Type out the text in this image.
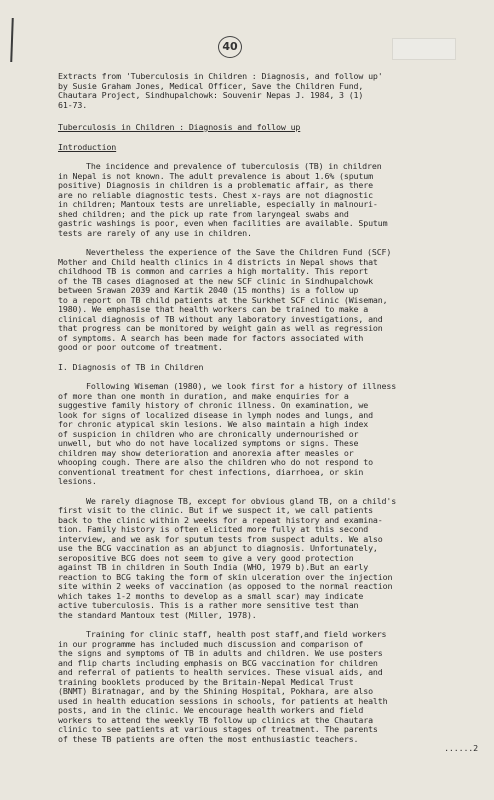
40

Extracts from 'Tuberculosis in Children : Diagnosis, and follow up'

by Susie Graham Jones, Medical Officer, Save the Children Fund,

Chautara Project, Sindhupalchowk: Souvenir Nepas J. 1984, 3 (1)

61-73.

Tuberculosis in Children : Diagnosis and follow up

Introduction

The incidence and prevalence of tuberculosis (TB) in children
in Nepal is not known. The adult prevalence is about 1.6% (sputum
positive) Diagnosis in children is a problematic affair, as there
are no reliable diagnostic tests. Chest x-rays are not diagnostic
in children; Mantoux tests are unreliable, especially in malnouri-
shed children; and the pick up rate from laryngeal swabs and
gastric washings is poor, even when facilities are available. Sputum
tests are rarely of any use in children.

Nevertheless the experience of the Save the Children Fund (SCF)
Mother and Child health clinics in 4 districts in Nepal shows that
childhood TB is common and carries a high mortality. This report
of the TB cases diagnosed at the new SCF clinic in Sindhupalchowk
between Srawan 2039 and Kartik 2040 (15 months) is a follow up
to a report on TB child patients at the Surkhet SCF clinic (Wiseman,
1980). We emphasise that health workers can be trained to make a
clinical diagnosis of TB without any laboratory investigations, and
that progress can be monitored by weight gain as well as regression
of symptoms. A search has been made for factors associated with
good or poor outcome of treatment.

I. Diagnosis of TB in Children

Following Wiseman (1980), we look first for a history of illness
of more than one month in duration, and make enquiries for a
suggestive family history of chronic illness. On examination, we
look for signs of localized disease in lymph nodes and lungs, and
for chronic atypical skin lesions. We also maintain a high index
of suspicion in children who are chronically undernourished or
unwell, but who do not have localized symptoms or signs. These
children may show deterioration and anorexia after measles or
whooping cough. There are also the children who do not respond to
conventional treatment for chest infections, diarrhoea, or skin
lesions.

We rarely diagnose TB, except for obvious gland TB, on a child's
first visit to the clinic. But if we suspect it, we call patients
back to the clinic within 2 weeks for a repeat history and examina-
tion. Family history is often elicited more fully at this second
interview, and we ask for sputum tests from suspect adults. We also
use the BCG vaccination as an abjunct to diagnosis. Unfortunately,
seropositive BCG does not seem to give a very good protection
against TB in children in South India (WHO, 1979 b).But an early
reaction to BCG taking the form of skin ulceration over the injection
site within 2 weeks of vaccination (as opposed to the normal reaction
which takes 1-2 months to develop as a small scar) may indicate
active tuberculosis. This is a rather more sensitive test than
the standard Mantoux test (Miller, 1978).

Training for clinic staff, health post staff,and field workers
in our programme has included much discussion and comparison of
the signs and symptoms of TB in adults and children. We use posters
and flip charts including emphasis on BCG vaccination for children
and referral of patients to health services. These visual aids, and
training booklets produced by the Britain-Nepal Medical Trust
(BNMT) Biratnagar, and by the Shining Hospital, Pokhara, are also
used in health education sessions in schools, for patients at health
posts, and in the clinic. We encourage health workers and field
workers to attend the weekly TB follow up clinics at the Chautara
clinic to see patients at various stages of treatment. The parents
of these TB patients are often the most enthusiastic teachers.

......2
